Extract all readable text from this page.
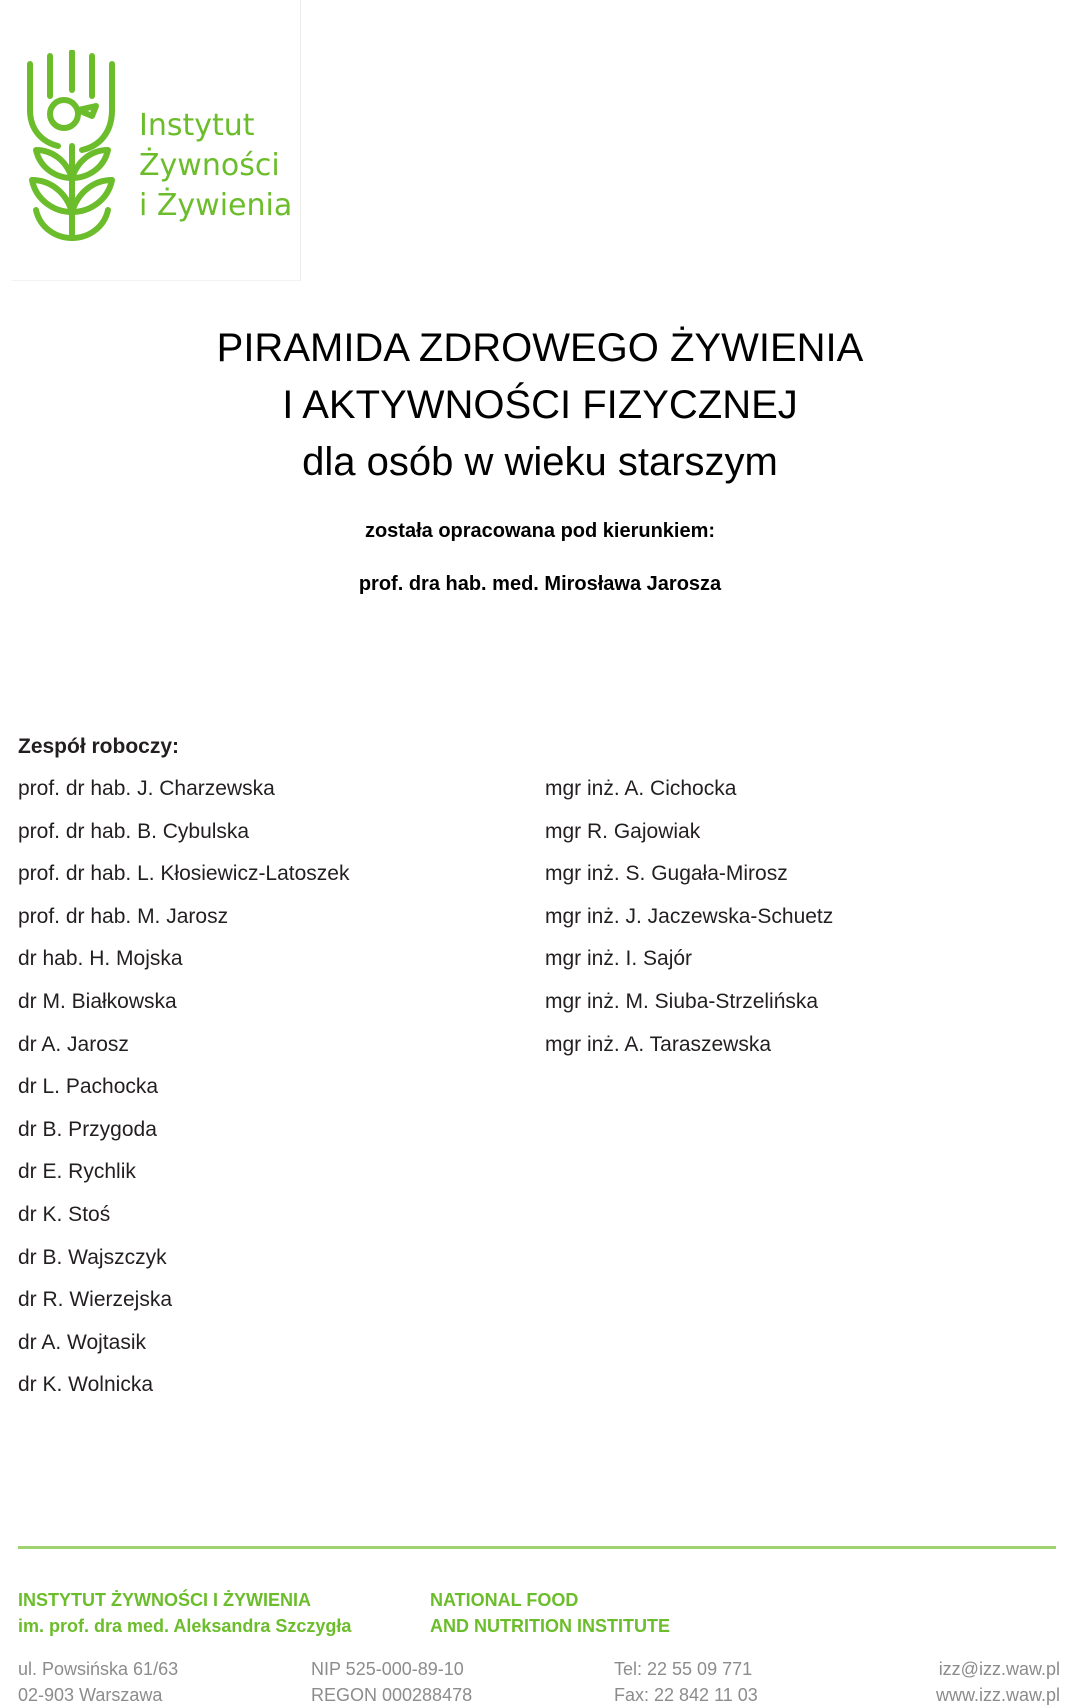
Instytut
Żywności
i Żywienia
PIRAMIDA ZDROWEGO ŻYWIENIA
I AKTYWNOŚCI FIZYCZNEJ
dla osób w wieku starszym
została opracowana pod kierunkiem:
prof. dra hab. med. Mirosława Jarosza
Zespół roboczy:
prof. dr hab. J. Charzewska
prof. dr hab. B. Cybulska
prof. dr hab. L. Kłosiewicz-Latoszek
prof. dr hab. M. Jarosz
dr hab. H. Mojska
dr M. Białkowska
dr A. Jarosz
dr L. Pachocka
dr B. Przygoda
dr E. Rychlik
dr K. Stoś
dr B. Wajszczyk
dr R. Wierzejska
dr A. Wojtasik
dr K. Wolnicka
mgr inż. A. Cichocka
mgr R. Gajowiak
mgr inż. S. Gugała-Mirosz
mgr inż. J. Jaczewska-Schuetz
mgr inż. I. Sajór
mgr inż. M. Siuba-Strzelińska
mgr inż. A. Taraszewska
INSTYTUT ŻYWNOŚCI I ŻYWIENIA
im. prof. dra med. Aleksandra Szczygła
NATIONAL FOOD
AND NUTRITION INSTITUTE
ul. Powsińska 61/63
02-903 Warszawa
NIP 525-000-89-10
REGON 000288478
Tel: 22 55 09 771
Fax: 22 842 11 03
izz@izz.waw.pl
www.izz.waw.pl
